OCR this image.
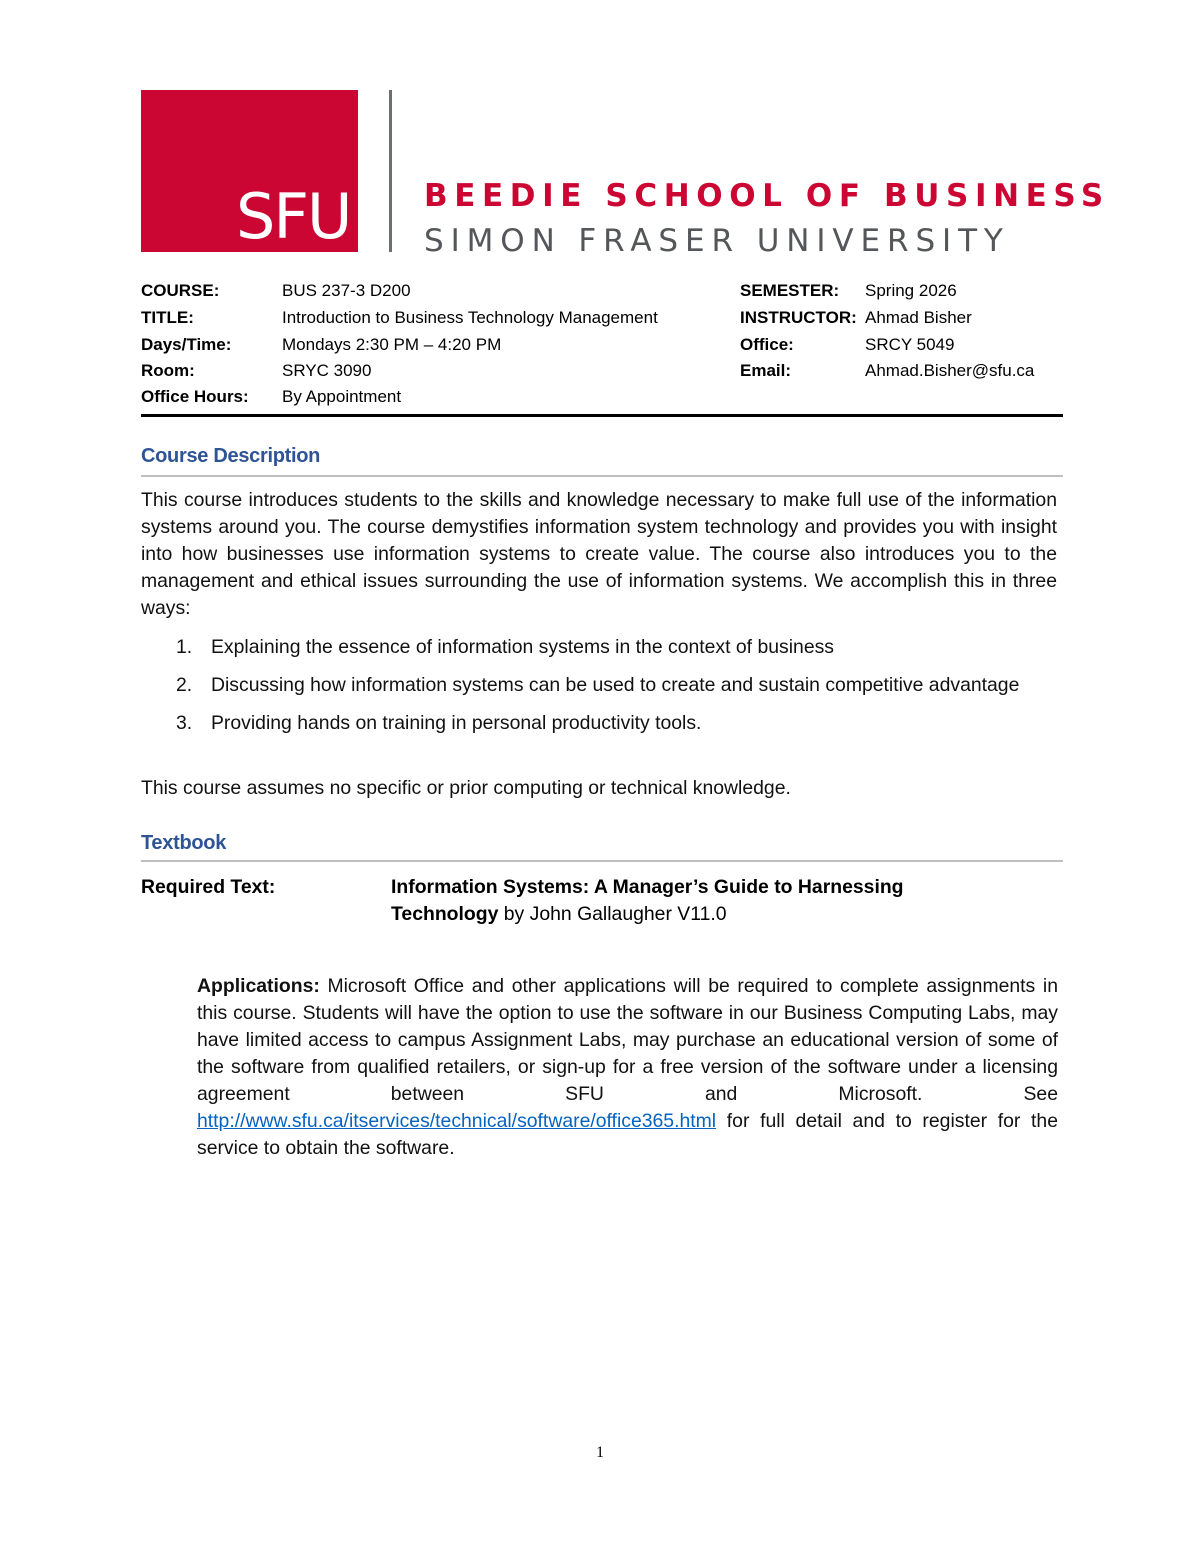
SFU BEEDIE SCHOOL OF BUSINESS
SIMON FRASER UNIVERSITY
COURSE:	BUS 237-3 D200	SEMESTER: Spring 2026
TITLE:	Introduction to Business Technology Management	INSTRUCTOR: Ahmad Bisher
Days/Time:	Mondays 2:30 PM – 4:20 PM	Office:	SRCY 5049
Room:	SRYC 3090	Email:	Ahmad.Bisher@sfu.ca
Office Hours: By Appointment
Course Description
This course introduces students to the skills and knowledge necessary to make full use of the information systems around you. The course demystifies information system technology and provides you with insight into how businesses use information systems to create value. The course also introduces you to the management and ethical issues surrounding the use of information systems. We accomplish this in three ways:
1. Explaining the essence of information systems in the context of business
2. Discussing how information systems can be used to create and sustain competitive advantage
3. Providing hands on training in personal productivity tools.
This course assumes no specific or prior computing or technical knowledge.
Textbook
Required Text:	Information Systems: A Manager’s Guide to Harnessing Technology by John Gallaugher V11.0
Applications: Microsoft Office and other applications will be required to complete assignments in this course. Students will have the option to use the software in our Business Computing Labs, may have limited access to campus Assignment Labs, may purchase an educational version of some of the software from qualified retailers, or sign-up for a free version of the software under a licensing agreement between SFU and Microsoft. See http://www.sfu.ca/itservices/technical/software/office365.html for full detail and to register for the service to obtain the software.
1
